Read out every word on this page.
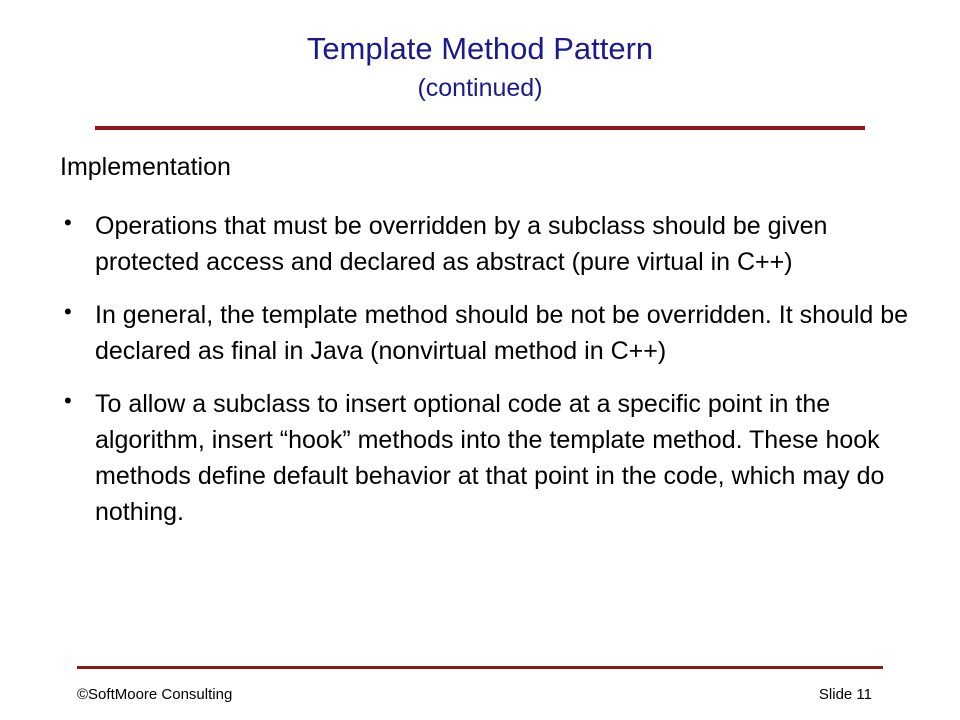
Template Method Pattern
(continued)
Implementation
• Operations that must be overridden by a subclass should be given protected access and declared as abstract (pure virtual in C++)
• In general, the template method should be not be overridden. It should be declared as final in Java (nonvirtual method in C++)
• To allow a subclass to insert optional code at a specific point in the algorithm, insert “hook” methods into the template method. These hook methods define default behavior at that point in the code, which may do nothing.
©SoftMoore Consulting	Slide 11
